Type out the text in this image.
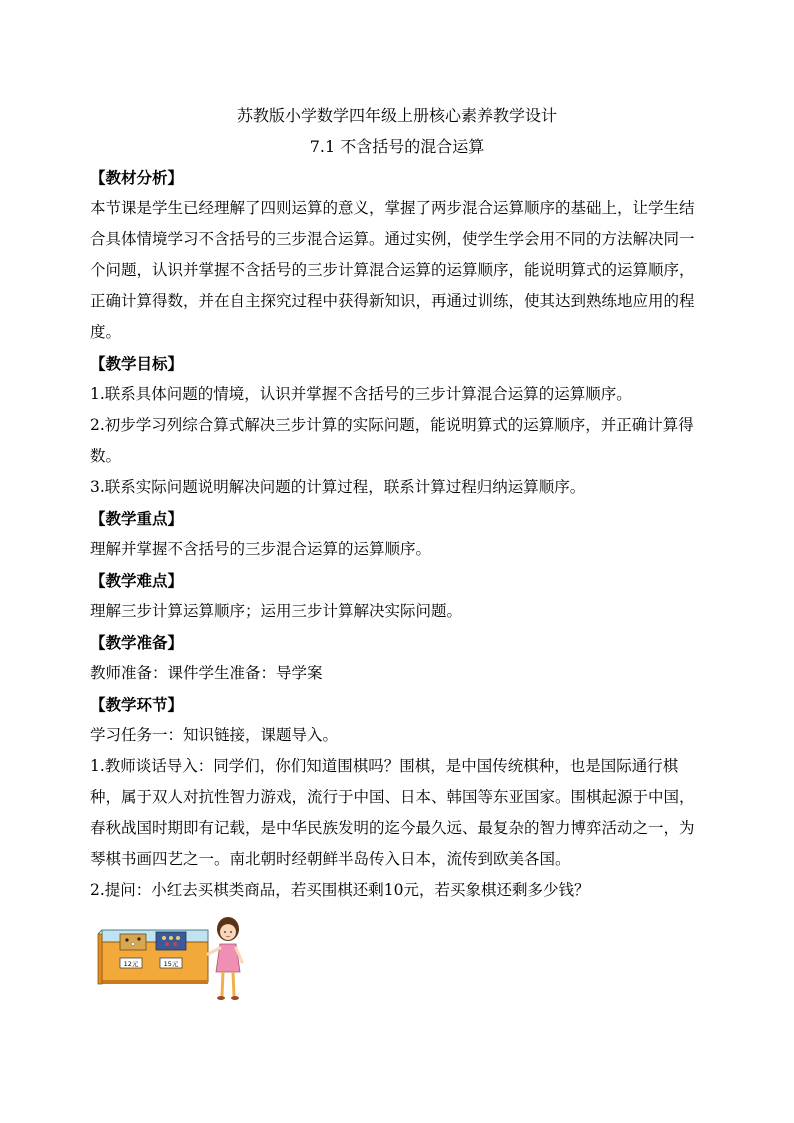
苏教版小学数学四年级上册核心素养教学设计

7.1 不含括号的混合运算

【教材分析】

本节课是学生已经理解了四则运算的意义，掌握了两步混合运算顺序的基础上，让学生结合具体情境学习不含括号的三步混合运算。通过实例，使学生学会用不同的方法解决同一个问题，认识并掌握不含括号的三步计算混合运算的运算顺序，能说明算式的运算顺序，正确计算得数，并在自主探究过程中获得新知识，再通过训练，使其达到熟练地应用的程度。

【教学目标】

1.联系具体问题的情境，认识并掌握不含括号的三步计算混合运算的运算顺序。

2.初步学习列综合算式解决三步计算的实际问题，能说明算式的运算顺序，并正确计算得数。

3.联系实际问题说明解决问题的计算过程，联系计算过程归纳运算顺序。

【教学重点】

理解并掌握不含括号的三步混合运算的运算顺序。

【教学难点】

理解三步计算运算顺序；运用三步计算解决实际问题。

【教学准备】

教师准备：课件学生准备：导学案

【教学环节】

学习任务一：知识链接，课题导入。

1.教师谈话导入：同学们，你们知道围棋吗？围棋，是中国传统棋种，也是国际通行棋种，属于双人对抗性智力游戏，流行于中国、日本、韩国等东亚国家。围棋起源于中国，春秋战国时期即有记载，是中华民族发明的迄今最久远、最复杂的智力博弈活动之一，为琴棋书画四艺之一。南北朝时经朝鲜半岛传入日本，流传到欧美各国。

2.提问：小红去买棋类商品，若买围棋还剩10元，若买象棋还剩多少钱？

12元	15元
